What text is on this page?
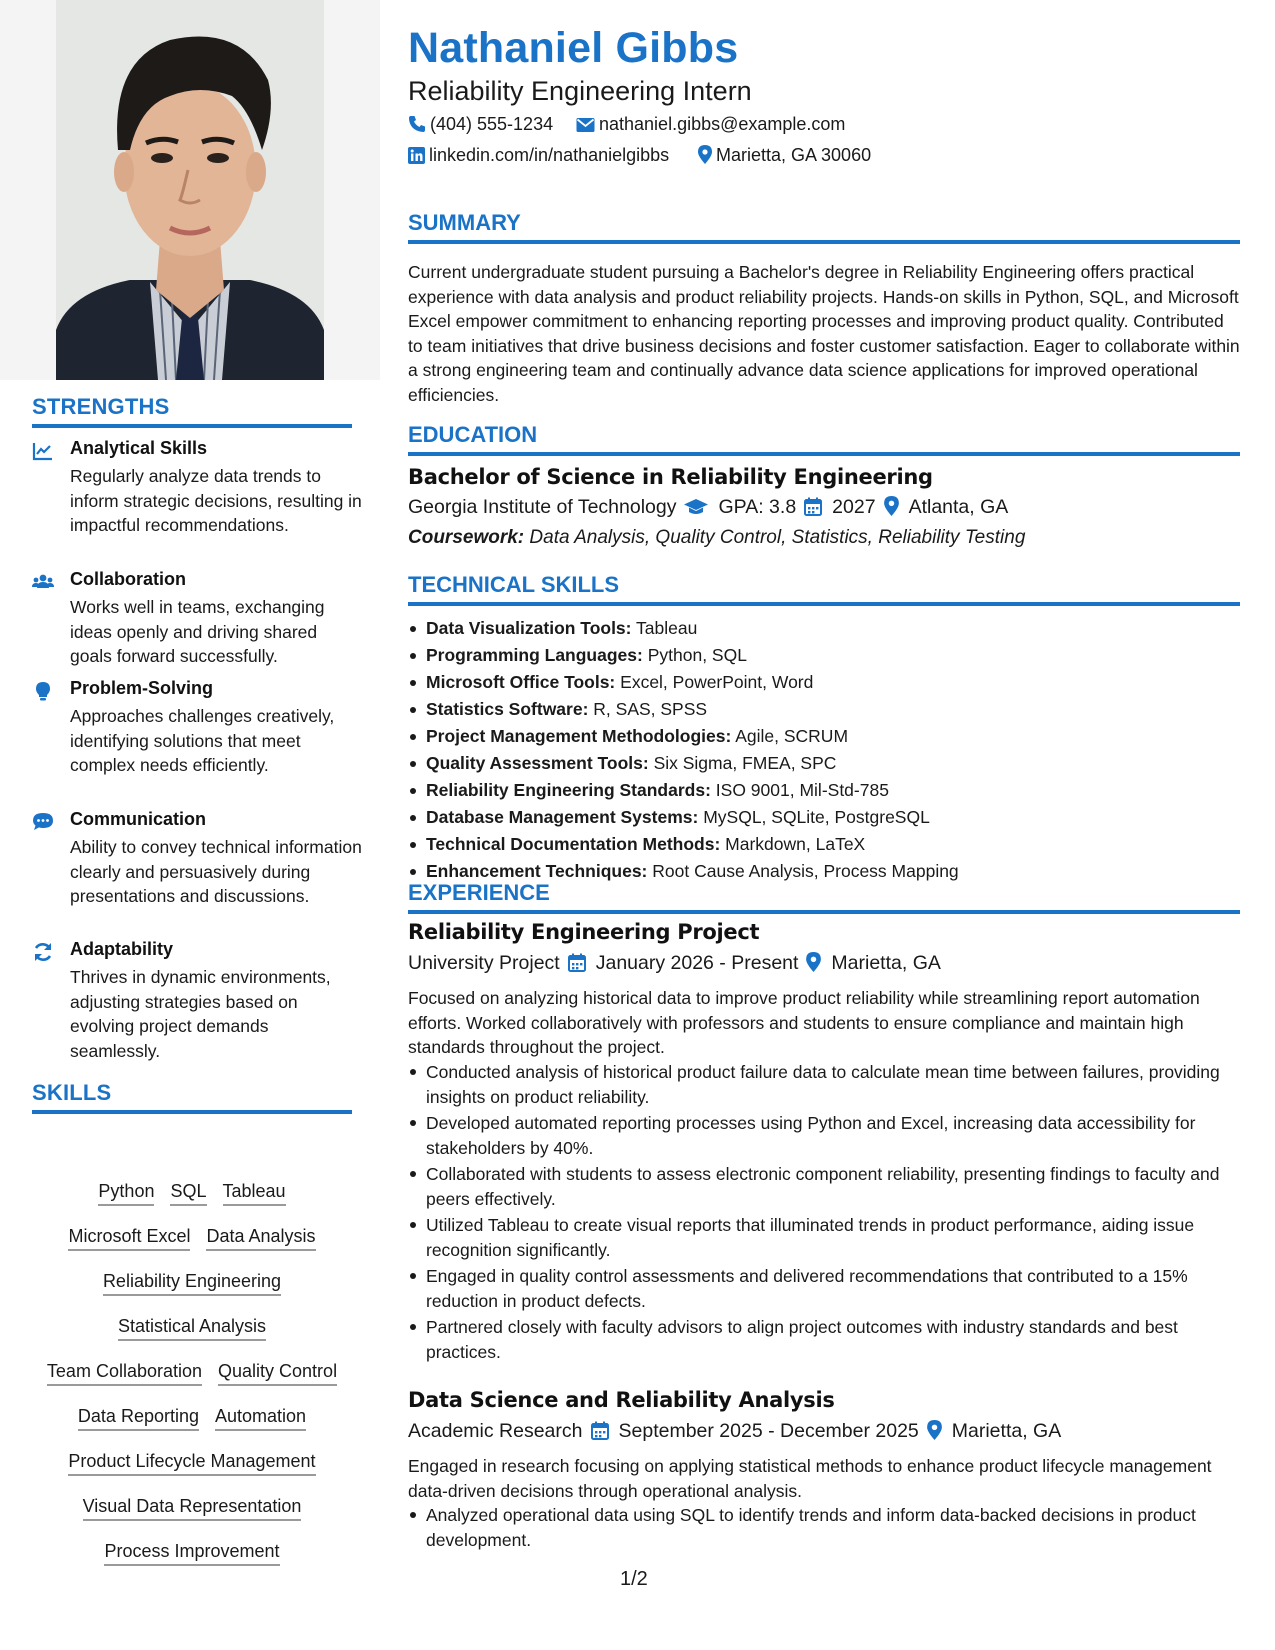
STRENGTHS
Analytical Skills
Regularly analyze data trends to inform strategic decisions, resulting in impactful recommendations.
Collaboration
Works well in teams, exchanging ideas openly and driving shared goals forward successfully.
Problem-Solving
Approaches challenges creatively, identifying solutions that meet complex needs efficiently.
Communication
Ability to convey technical information clearly and persuasively during presentations and discussions.
Adaptability
Thrives in dynamic environments, adjusting strategies based on evolving project demands seamlessly.
SKILLS
Python SQL Tableau
Microsoft Excel Data Analysis
Reliability Engineering
Statistical Analysis
Team Collaboration Quality Control
Data Reporting Automation
Product Lifecycle Management
Visual Data Representation
Process Improvement
Nathaniel Gibbs
Reliability Engineering Intern
(404) 555-1234	nathaniel.gibbs@example.com
linkedin.com/in/nathanielgibbs	Marietta, GA 30060
SUMMARY
Current undergraduate student pursuing a Bachelor's degree in Reliability Engineering offers practical experience with data analysis and product reliability projects. Hands-on skills in Python, SQL, and Microsoft Excel empower commitment to enhancing reporting processes and improving product quality. Contributed to team initiatives that drive business decisions and foster customer satisfaction. Eager to collaborate within a strong engineering team and continually advance data science applications for improved operational efficiencies.
EDUCATION
Bachelor of Science in Reliability Engineering
Georgia Institute of Technology GPA: 3.8 2027 Atlanta, GA
Coursework: Data Analysis, Quality Control, Statistics, Reliability Testing
TECHNICAL SKILLS
Data Visualization Tools: Tableau
Programming Languages: Python, SQL
Microsoft Office Tools: Excel, PowerPoint, Word
Statistics Software: R, SAS, SPSS
Project Management Methodologies: Agile, SCRUM
Quality Assessment Tools: Six Sigma, FMEA, SPC
Reliability Engineering Standards: ISO 9001, Mil-Std-785
Database Management Systems: MySQL, SQLite, PostgreSQL
Technical Documentation Methods: Markdown, LaTeX
Enhancement Techniques: Root Cause Analysis, Process Mapping
EXPERIENCE
Reliability Engineering Project
University Project January 2026 - Present Marietta, GA
Focused on analyzing historical data to improve product reliability while streamlining report automation efforts. Worked collaboratively with professors and students to ensure compliance and maintain high standards throughout the project.
Conducted analysis of historical product failure data to calculate mean time between failures, providing insights on product reliability.
Developed automated reporting processes using Python and Excel, increasing data accessibility for stakeholders by 40%.
Collaborated with students to assess electronic component reliability, presenting findings to faculty and peers effectively.
Utilized Tableau to create visual reports that illuminated trends in product performance, aiding issue recognition significantly.
Engaged in quality control assessments and delivered recommendations that contributed to a 15% reduction in product defects.
Partnered closely with faculty advisors to align project outcomes with industry standards and best practices.
Data Science and Reliability Analysis
Academic Research September 2025 - December 2025 Marietta, GA
Engaged in research focusing on applying statistical methods to enhance product lifecycle management data-driven decisions through operational analysis.
Analyzed operational data using SQL to identify trends and inform data-backed decisions in product development.
1/2
